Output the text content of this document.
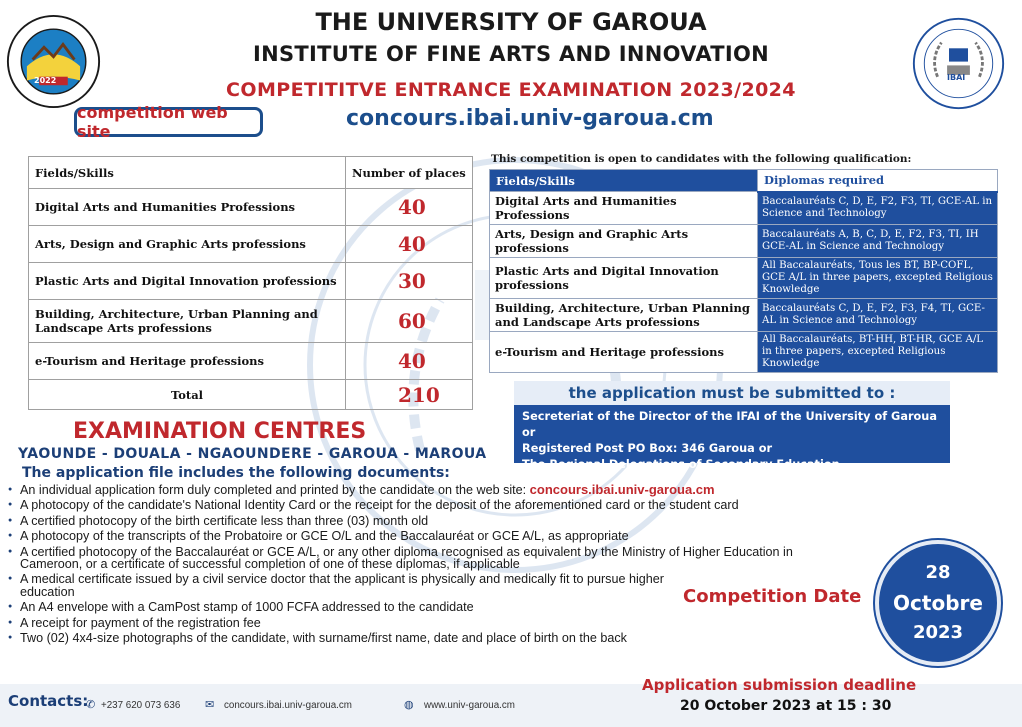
2022	IBAI
THE UNIVERSITY OF GAROUA
INSTITUTE OF FINE ARTS AND INNOVATION
COMPETITITVE ENTRANCE EXAMINATION 2023/2024
competition web site
concours.ibai.univ-garoua.cm
Fields/Skills	Number of places
Digital Arts and Humanities Professions	40
Arts, Design and Graphic Arts professions	40
Plastic Arts and Digital Innovation professions	30
Building, Architecture, Urban Planning and Landscape Arts professions	60
e-Tourism and Heritage professions	40
Total	210
This competition is open to candidates with the following qualification:
Fields/Skills	Diplomas required
Digital Arts and Humanities Professions	Baccalauréats C, D, E, F2, F3, TI, GCE-AL in Science and Technology
Arts, Design and Graphic Arts professions	Baccalauréats A, B, C, D, E, F2, F3, TI, IH GCE-AL in Science and Technology
Plastic Arts and Digital Innovation professions	All Baccalauréats, Tous les BT, BP-COFL, GCE A/L in three papers, excepted Religious Knowledge
Building, Architecture, Urban Planning and Landscape Arts professions	Baccalauréats C, D, E, F2, F3, F4, TI, GCE-AL in Science and Technology
e-Tourism and Heritage professions	All Baccalauréats, BT-HH, BT-HR, GCE A/L in three papers, excepted Religious Knowledge
the application must be submitted to :
Secreteriat of the Director of the IFAI of the University of Garoua or
Registered Post PO Box: 346 Garoua or
The Regional Delegations of Secondary Education.
EXAMINATION CENTRES
YAOUNDE - DOUALA - NGAOUNDERE - GAROUA - MAROUA
The application file includes the following documents:
● An individual application form duly completed and printed by the candidate on the web site: concours.ibai.univ-garoua.cm
● A photocopy of the candidate's National Identity Card or the receipt for the deposit of the aforementioned card or the student card
● A certified photocopy of the birth certificate less than three (03) month old
● A photocopy of the transcripts of the Probatoire or GCE O/L and the Baccalauréat or GCE A/L, as appropriate
● A certified photocopy of the Baccalauréat or GCE A/L, or any other diploma recognised as equivalent by the Ministry of Higher Education in Cameroon, or a certificate of successful completion of one of these diplomas, if applicable
● A medical certificate issued by a civil service doctor that the applicant is physically and medically fit to pursue higher education
● An A4 envelope with a CamPost stamp of 1000 FCFA addressed to the candidate
● A receipt for payment of the registration fee
● Two (02) 4x4-size photographs of the candidate, with surname/first name, date and place of birth on the back
Competition Date
28
Octobre
2023
Contacts:
✆ +237 620 073 636 ✉ concours.ibai.univ-garoua.cm	◍ www.univ-garoua.cm
Application submission deadline
20 October 2023 at 15 : 30
